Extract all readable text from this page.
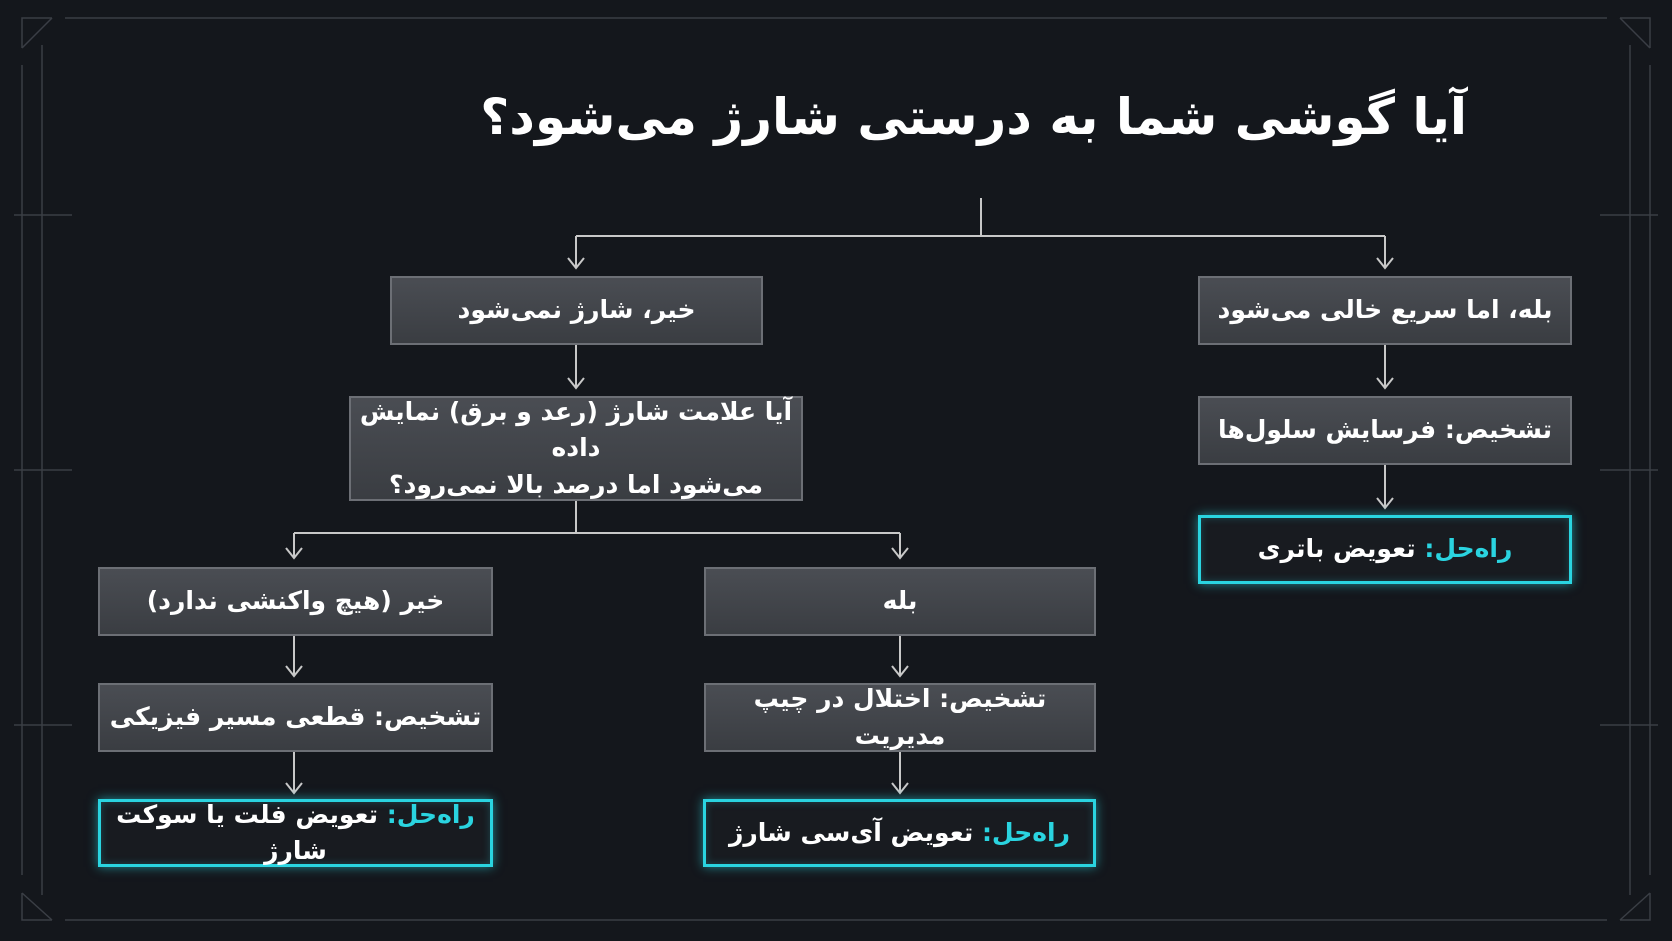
آیا گوشی شما به درستی شارژ می‌شود؟
بله، اما سریع خالی می‌شود
تشخیص: فرسایش سلول‌ها
راه‌حل: تعویض باتری
خیر، شارژ نمی‌شود
آیا علامت شارژ (رعد و برق) نمایش داده
می‌شود اما درصد بالا نمی‌رود؟
بله
تشخیص: اختلال در چیپ مدیریت
راه‌حل: تعویض آی‌سی شارژ
خیر (هیچ واکنشی ندارد)
تشخیص: قطعی مسیر فیزیکی
راه‌حل: تعویض فلت یا سوکت شارژ
